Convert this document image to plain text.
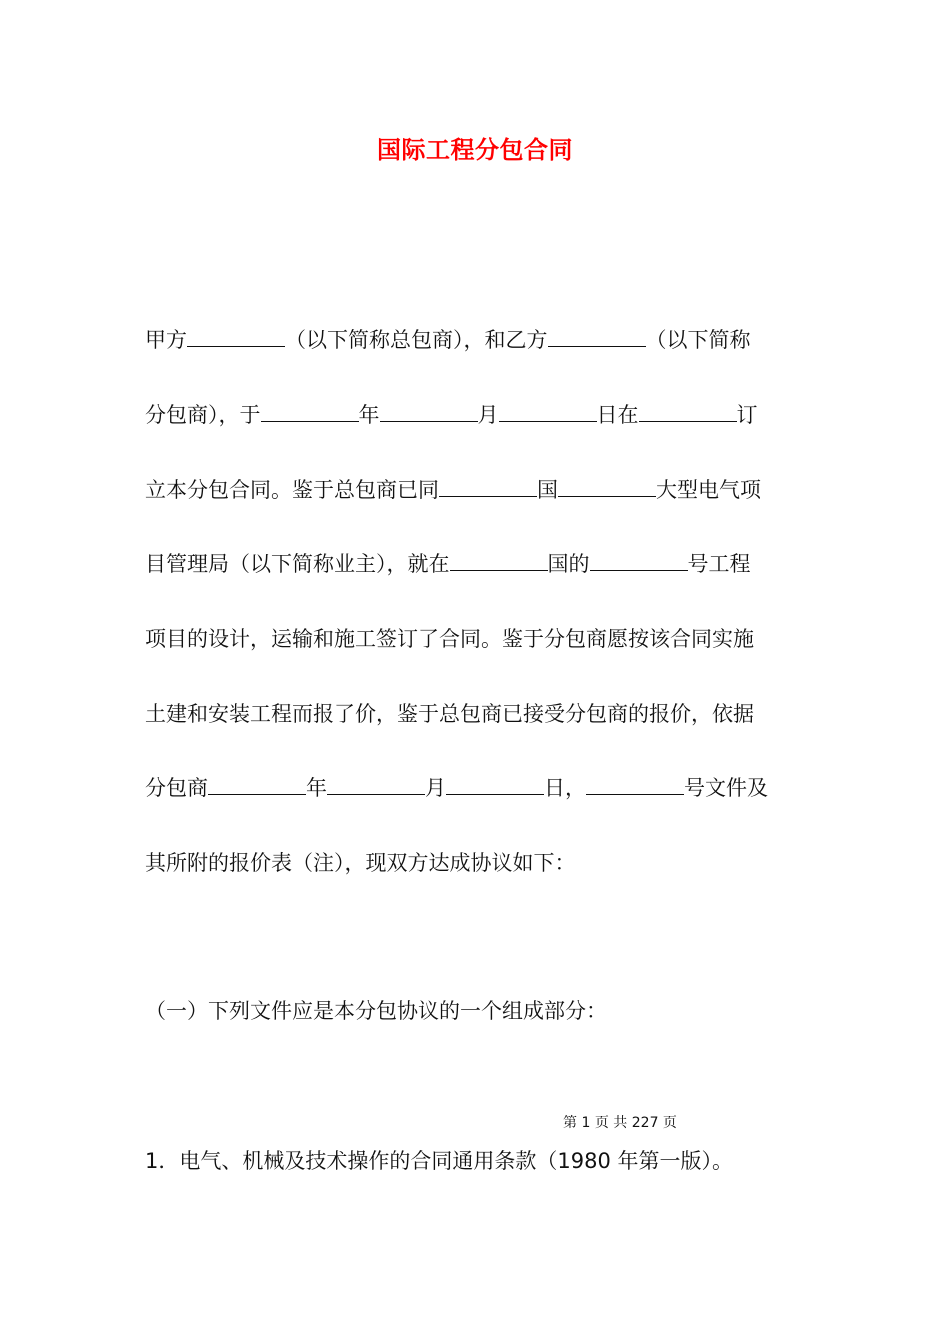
国际工程分包合同
甲方	（以下简称总包商），和乙方	（以下简称
分包商），于	年	月	日在	订
立本分包合同。鉴于总包商已同	国	大型电气项
目管理局（以下简称业主），就在	国的	号工程
项目的设计，运输和施工签订了合同。鉴于分包商愿按该合同实施
土建和安装工程而报了价，鉴于总包商已接受分包商的报价，依据
分包商	年	月	日，	号文件及
其所附的报价表（注），现双方达成协议如下：
（一）下列文件应是本分包协议的一个组成部分：
第 1 页 共 227 页
1．电气、机械及技术操作的合同通用条款（1980 年第一版）。
